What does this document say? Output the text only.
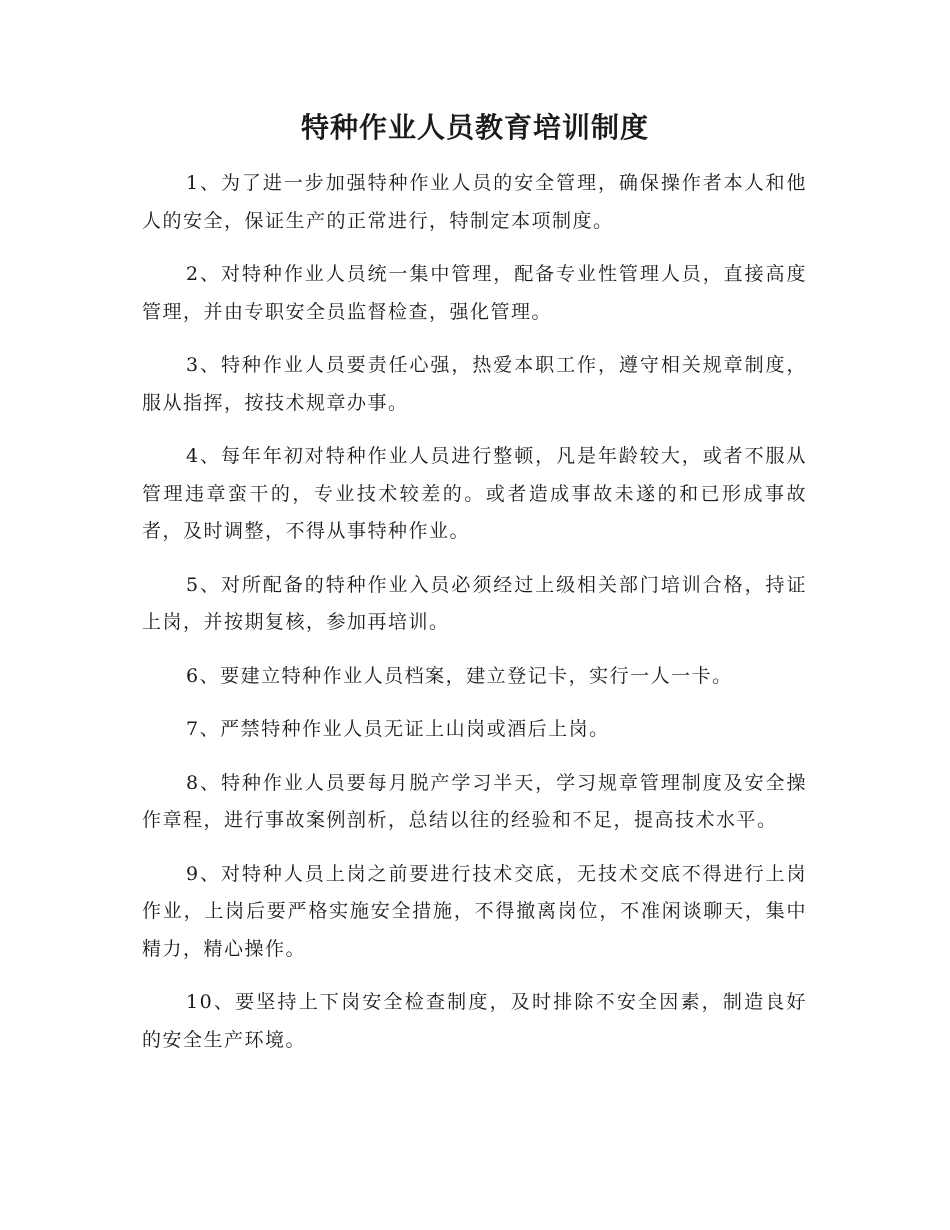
特种作业人员教育培训制度

1、为了进一步加强特种作业人员的安全管理，确保操作者本人和他人的安全，保证生产的正常进行，特制定本项制度。

2、对特种作业人员统一集中管理，配备专业性管理人员，直接高度管理，并由专职安全员监督检查，强化管理。

3、特种作业人员要责任心强，热爱本职工作，遵守相关规章制度，服从指挥，按技术规章办事。

4、每年年初对特种作业人员进行整顿，凡是年龄较大，或者不服从管理违章蛮干的，专业技术较差的。或者造成事故未遂的和已形成事故者，及时调整，不得从事特种作业。

5、对所配备的特种作业入员必须经过上级相关部门培训合格，持证上岗，并按期复核，参加再培训。

6、要建立特种作业人员档案，建立登记卡，实行一人一卡。

7、严禁特种作业人员无证上山岗或酒后上岗。

8、特种作业人员要每月脱产学习半天，学习规章管理制度及安全操作章程，进行事故案例剖析，总结以往的经验和不足，提高技术水平。

9、对特种人员上岗之前要进行技术交底，无技术交底不得进行上岗作业，上岗后要严格实施安全措施，不得撤离岗位，不准闲谈聊天，集中精力，精心操作。

10、要坚持上下岗安全检查制度，及时排除不安全因素，制造良好的安全生产环境。
